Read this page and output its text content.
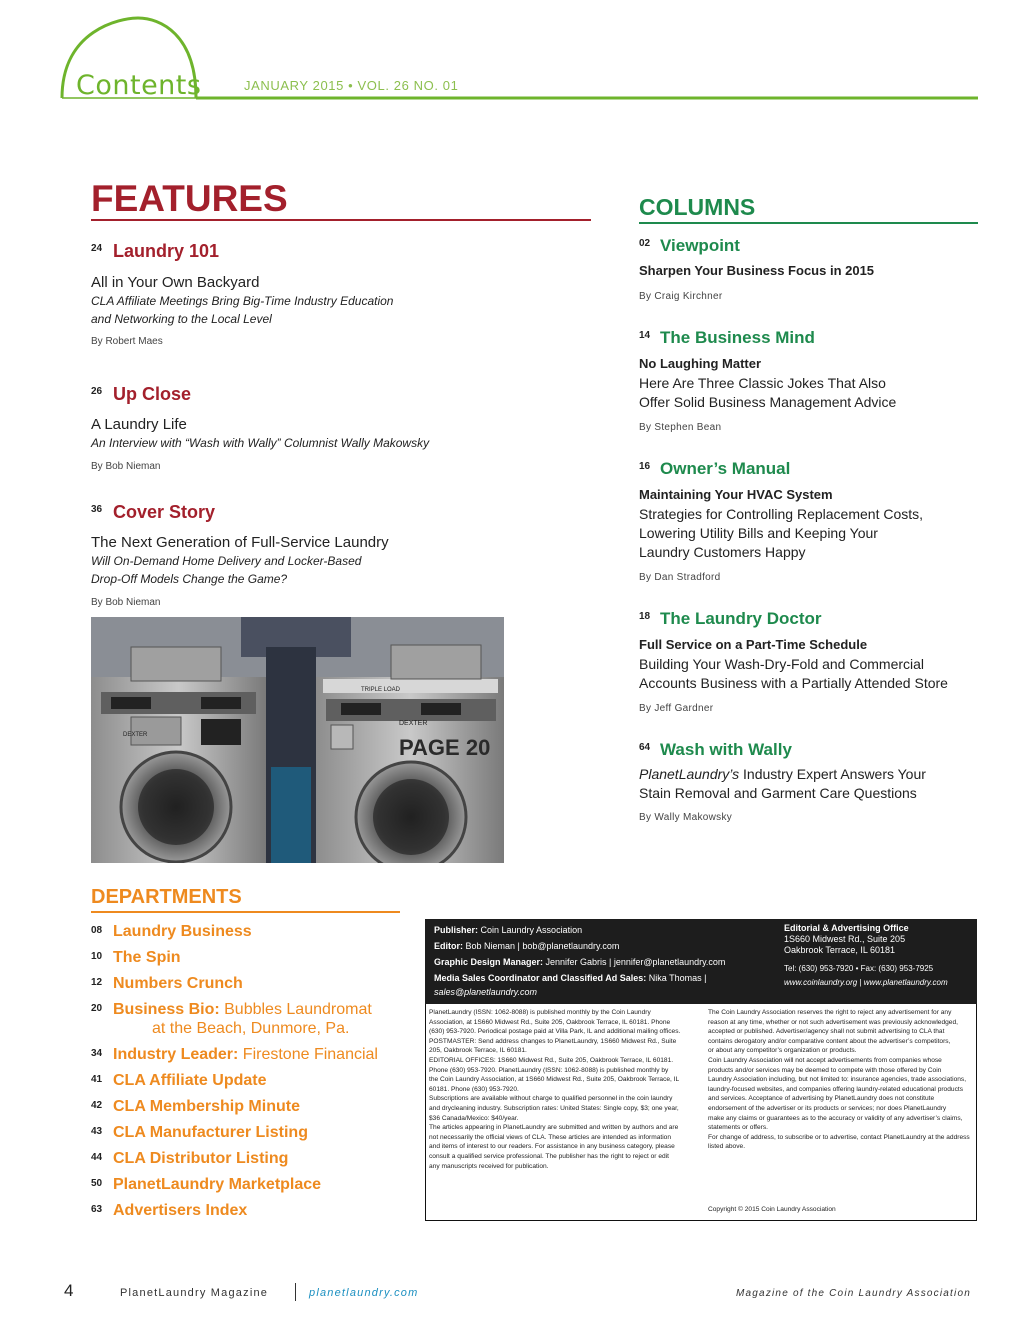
Contents	JANUARY 2015 • VOL. 26 NO. 01
FEATURES
24 Laundry 101
All in Your Own Backyard
CLA Affiliate Meetings Bring Big-Time Industry Education
and Networking to the Local Level
By Robert Maes
26 Up Close
A Laundry Life
An Interview with “Wash with Wally” Columnist Wally Makowsky
By Bob Nieman
36 Cover Story
The Next Generation of Full-Service Laundry
Will On-Demand Home Delivery and Locker-Based
Drop-Off Models Change the Game?
By Bob Nieman
DEXTER
TRIPLE LOAD
DEXTER
PAGE 20
COLUMNS
02 Viewpoint
Sharpen Your Business Focus in 2015
By Craig Kirchner
14 The Business Mind
No Laughing Matter
Here Are Three Classic Jokes That Also
Offer Solid Business Management Advice
By Stephen Bean
16 Owner’s Manual
Maintaining Your HVAC System
Strategies for Controlling Replacement Costs,
Lowering Utility Bills and Keeping Your
Laundry Customers Happy
By Dan Stradford
18 The Laundry Doctor
Full Service on a Part-Time Schedule
Building Your Wash-Dry-Fold and Commercial
Accounts Business with a Partially Attended Store
By Jeff Gardner
64 Wash with Wally
PlanetLaundry’s Industry Expert Answers Your
Stain Removal and Garment Care Questions
By Wally Makowsky
DEPARTMENTS
08 Laundry Business
10 The Spin
12 Numbers Crunch
20 Business Bio: Bubbles Laundromat
at the Beach, Dunmore, Pa.
34 Industry Leader: Firestone Financial
41 CLA Affiliate Update
42 CLA Membership Minute
43 CLA Manufacturer Listing
44 CLA Distributor Listing
50 PlanetLaundry Marketplace
63 Advertisers Index
Publisher: Coin Laundry Association
Editor: Bob Nieman | bob@planetlaundry.com
Graphic Design Manager: Jennifer Gabris | jennifer@planetlaundry.com
Media Sales Coordinator and Classified Ad Sales: Nika Thomas |
sales@planetlaundry.com
Editorial & Advertising Office
1S660 Midwest Rd., Suite 205
Oakbrook Terrace, IL 60181
Tel: (630) 953-7920 • Fax: (630) 953-7925
www.coinlaundry.org | www.planetlaundry.com
PlanetLaundry (ISSN: 1062-8088) is published monthly by the Coin Laundry
Association, at 1S660 Midwest Rd., Suite 205, Oakbrook Terrace, IL 60181. Phone
(630) 953-7920. Periodical postage paid at Villa Park, IL and additional mailing offices.
POSTMASTER: Send address changes to PlanetLaundry, 1S660 Midwest Rd., Suite
205, Oakbrook Terrace, IL 60181.
EDITORIAL OFFICES: 1S660 Midwest Rd., Suite 205, Oakbrook Terrace, IL 60181.
Phone (630) 953-7920. PlanetLaundry (ISSN: 1062-8088) is published monthly by
the Coin Laundry Association, at 1S660 Midwest Rd., Suite 205, Oakbrook Terrace, IL
60181. Phone (630) 953-7920.
Subscriptions are available without charge to qualified personnel in the coin laundry
and drycleaning industry. Subscription rates: United States: Single copy, $3; one year,
$36 Canada/Mexico: $40/year.
The articles appearing in PlanetLaundry are submitted and written by authors and are
not necessarily the official views of CLA. These articles are intended as information
and items of interest to our readers. For assistance in any business category, please
consult a qualified service professional. The publisher has the right to reject or edit
any manuscripts received for publication.
The Coin Laundry Association reserves the right to reject any advertisement for any
reason at any time, whether or not such advertisement was previously acknowledged,
accepted or published. Advertiser/agency shall not submit advertising to CLA that
contains derogatory and/or comparative content about the advertiser’s competitors,
or about any competitor’s organization or products.
Coin Laundry Association will not accept advertisements from companies whose
products and/or services may be deemed to compete with those offered by Coin
Laundry Association including, but not limited to: insurance agencies, trade associations,
laundry-focused websites, and companies offering laundry-related educational products
and services. Acceptance of advertising by PlanetLaundry does not constitute
endorsement of the advertiser or its products or services; nor does PlanetLaundry
make any claims or guarantees as to the accuracy or validity of any advertiser’s claims,
statements or offers.
For change of address, to subscribe or to advertise, contact PlanetLaundry at the address
listed above.
Copyright © 2015 Coin Laundry Association
4	PlanetLaundry Magazine	planetlaundry.com	Magazine of the Coin Laundry Association
